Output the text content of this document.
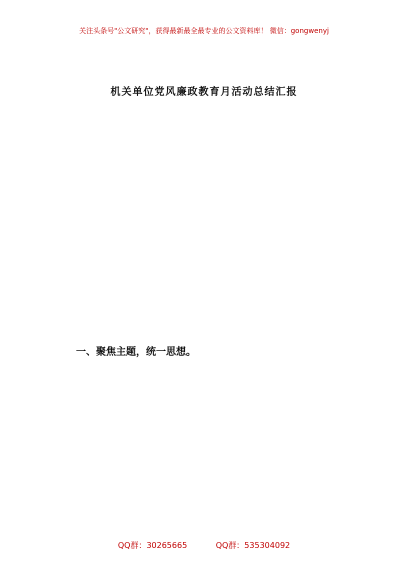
关注头条号"公文研究"，获得最新最全最专业的公文资料库！ 微信：gongwenyj
机关单位党风廉政教育月活动总结汇报
一、聚焦主题，统一思想。
QQ群：30265665	QQ群：535304092
